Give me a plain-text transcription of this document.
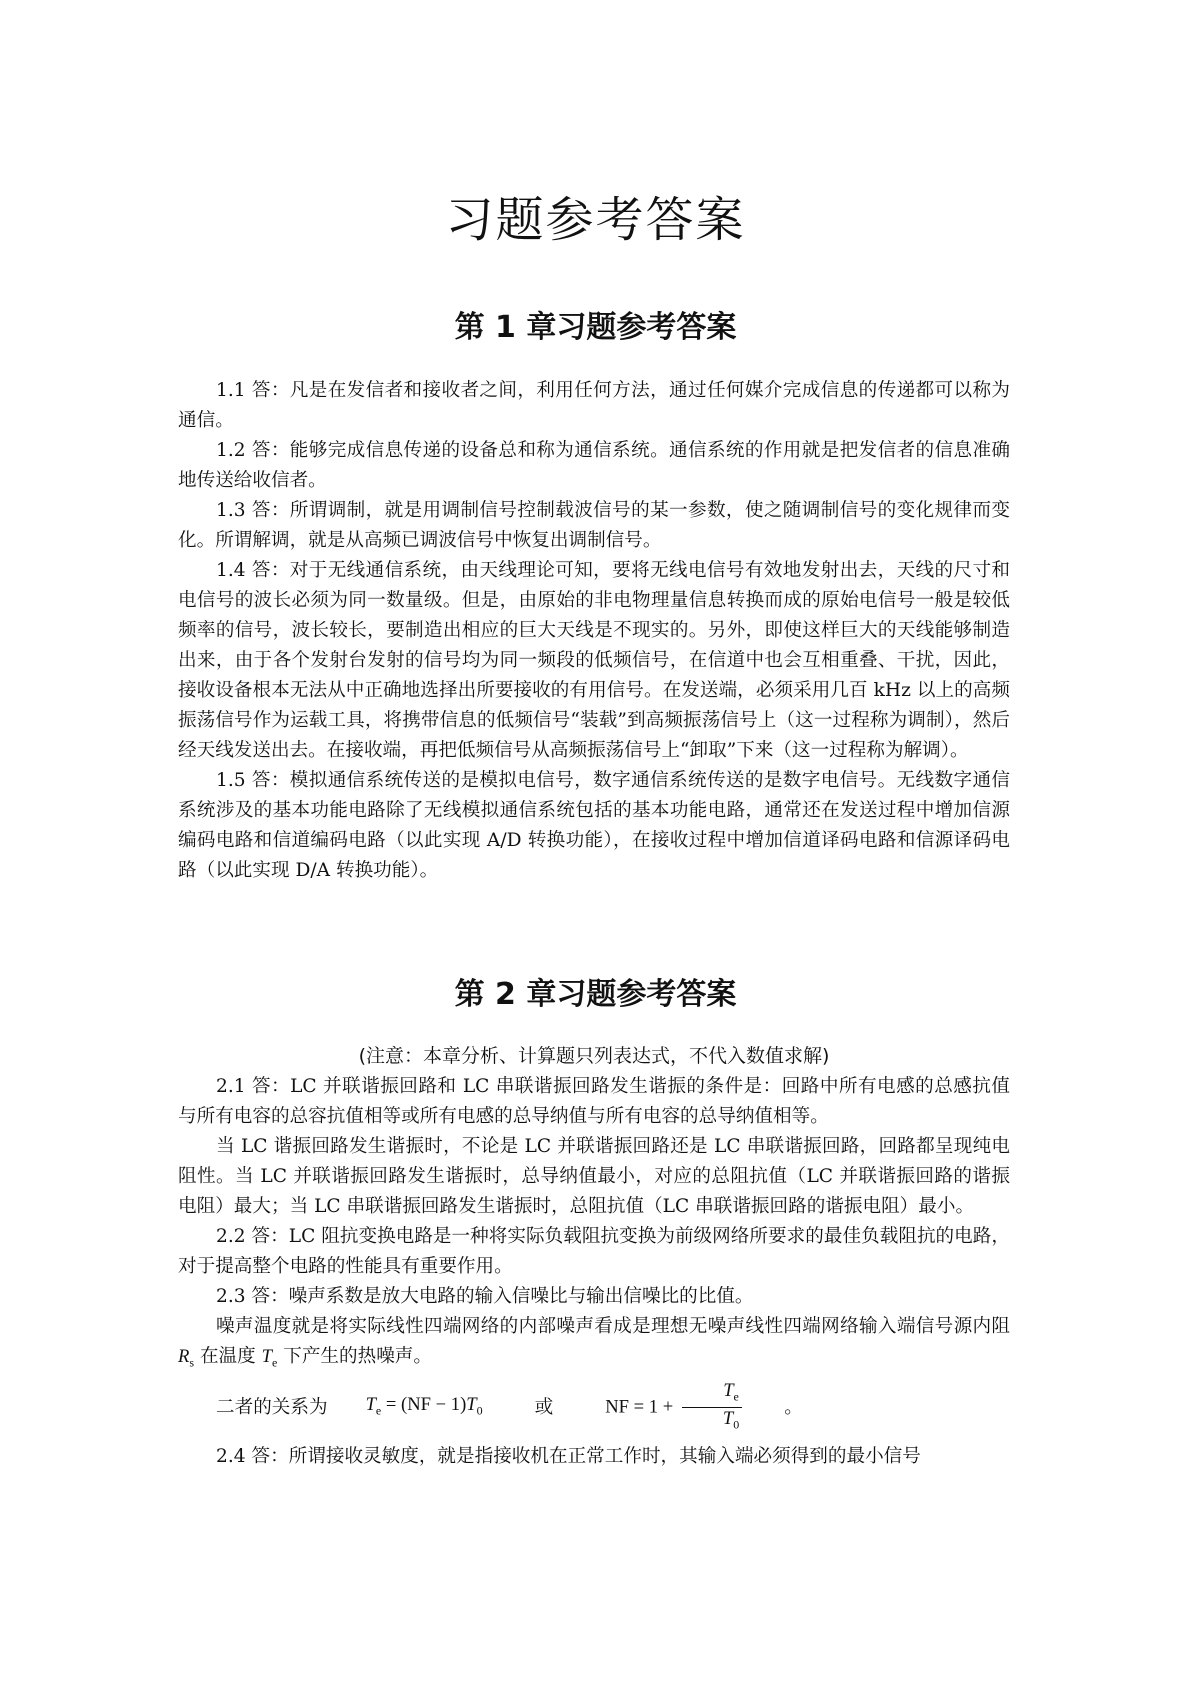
习题参考答案
第 1 章习题参考答案

1.1 答：凡是在发信者和接收者之间，利用任何方法，通过任何媒介完成信息的传递都可以称为通信。

1.2 答：能够完成信息传递的设备总和称为通信系统。通信系统的作用就是把发信者的信息准确地传送给收信者。

1.3 答：所谓调制，就是用调制信号控制载波信号的某一参数，使之随调制信号的变化规律而变化。所谓解调，就是从高频已调波信号中恢复出调制信号。

1.4 答：对于无线通信系统，由天线理论可知，要将无线电信号有效地发射出去，天线的尺寸和电信号的波长必须为同一数量级。但是，由原始的非电物理量信息转换而成的原始电信号一般是较低频率的信号，波长较长，要制造出相应的巨大天线是不现实的。另外，即使这样巨大的天线能够制造出来，由于各个发射台发射的信号均为同一频段的低频信号，在信道中也会互相重叠、干扰，因此，接收设备根本无法从中正确地选择出所要接收的有用信号。在发送端，必须采用几百 kHz 以上的高频振荡信号作为运载工具，将携带信息的低频信号“装载”到高频振荡信号上（这一过程称为调制），然后经天线发送出去。在接收端，再把低频信号从高频振荡信号上“卸取”下来（这一过程称为解调）。

1.5 答：模拟通信系统传送的是模拟电信号，数字通信系统传送的是数字电信号。无线数字通信系统涉及的基本功能电路除了无线模拟通信系统包括的基本功能电路，通常还在发送过程中增加信源编码电路和信道编码电路（以此实现 A/D 转换功能），在接收过程中增加信道译码电路和信源译码电路（以此实现 D/A 转换功能）。

第 2 章习题参考答案

(注意：本章分析、计算题只列表达式，不代入数值求解)

2.1 答：LC 并联谐振回路和 LC 串联谐振回路发生谐振的条件是：回路中所有电感的总感抗值与所有电容的总容抗值相等或所有电感的总导纳值与所有电容的总导纳值相等。

当 LC 谐振回路发生谐振时，不论是 LC 并联谐振回路还是 LC 串联谐振回路，回路都呈现纯电阻性。当 LC 并联谐振回路发生谐振时，总导纳值最小，对应的总阻抗值（LC 并联谐振回路的谐振电阻）最大；当 LC 串联谐振回路发生谐振时，总阻抗值（LC 串联谐振回路的谐振电阻）最小。

2.2 答：LC 阻抗变换电路是一种将实际负载阻抗变换为前级网络所要求的最佳负载阻抗的电路，对于提高整个电路的性能具有重要作用。

2.3 答：噪声系数是放大电路的输入信噪比与输出信噪比的比值。

噪声温度就是将实际线性四端网络的内部噪声看成是理想无噪声线性四端网络输入端信号源内阻 $R_s$ 在温度 $T_e$ 下产生的热噪声。

二者的关系为	$T_e = (NF - 1)T_0$	或	NF = $1 + \frac{T_e}{T_0}$	。

2.4 答：所谓接收灵敏度，就是指接收机在正常工作时，其输入端必须得到的最小信号
